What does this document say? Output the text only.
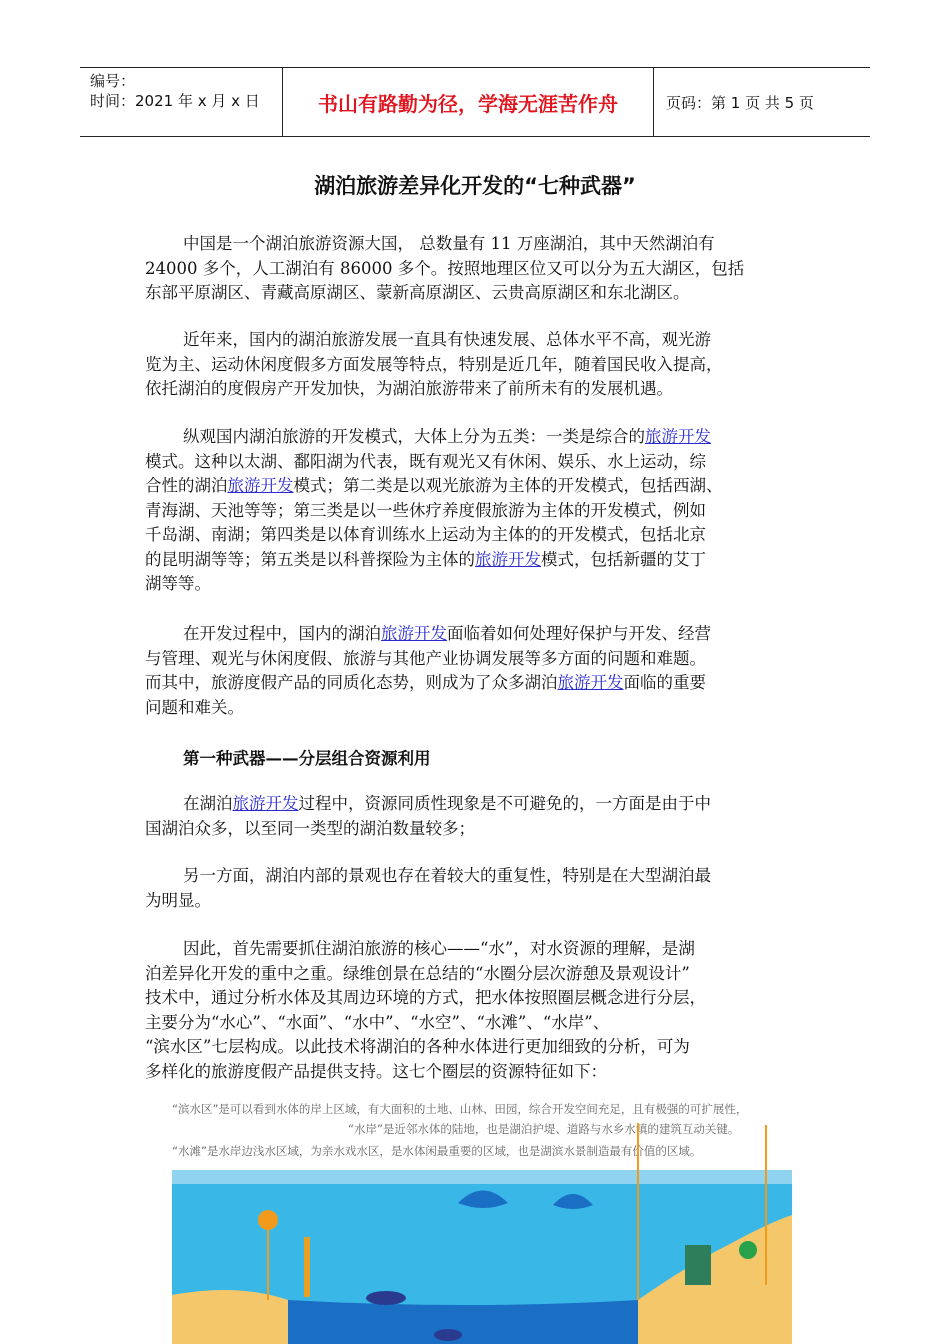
编号：
时间：2021 年 x 月 x 日	书山有路勤为径，学海无涯苦作舟	页码：第 1 页 共 5 页
湖泊旅游差异化开发的“七种武器”
中国是一个湖泊旅游资源大国， 总数量有 11 万座湖泊，其中天然湖泊有
24000 多个，人工湖泊有 86000 多个。按照地理区位又可以分为五大湖区，包括
东部平原湖区、青藏高原湖区、蒙新高原湖区、云贵高原湖区和东北湖区。
近年来，国内的湖泊旅游发展一直具有快速发展、总体水平不高，观光游
览为主、运动休闲度假多方面发展等特点，特别是近几年，随着国民收入提高，
依托湖泊的度假房产开发加快，为湖泊旅游带来了前所未有的发展机遇。
纵观国内湖泊旅游的开发模式，大体上分为五类：一类是综合的旅游开发
模式。这种以太湖、鄱阳湖为代表，既有观光又有休闲、娱乐、水上运动，综
合性的湖泊旅游开发模式；第二类是以观光旅游为主体的开发模式，包括西湖、
青海湖、天池等等；第三类是以一些休疗养度假旅游为主体的开发模式，例如
千岛湖、南湖；第四类是以体育训练水上运动为主体的的开发模式，包括北京
的昆明湖等等；第五类是以科普探险为主体的旅游开发模式，包括新疆的艾丁
湖等等。
在开发过程中，国内的湖泊旅游开发面临着如何处理好保护与开发、经营
与管理、观光与休闲度假、旅游与其他产业协调发展等多方面的问题和难题。
而其中，旅游度假产品的同质化态势，则成为了众多湖泊旅游开发面临的重要
问题和难关。
第一种武器——分层组合资源利用
在湖泊旅游开发过程中，资源同质性现象是不可避免的，一方面是由于中
国湖泊众多，以至同一类型的湖泊数量较多；
另一方面，湖泊内部的景观也存在着较大的重复性，特别是在大型湖泊最
为明显。
因此，首先需要抓住湖泊旅游的核心——“水”，对水资源的理解，是湖
泊差异化开发的重中之重。绿维创景在总结的“水圈分层次游憩及景观设计”
技术中，通过分析水体及其周边环境的方式，把水体按照圈层概念进行分层，
主要分为“水心”、“水面”、“水中”、“水空”、“水滩”、“水岸”、
“滨水区”七层构成。以此技术将湖泊的各种水体进行更加细致的分析，可为
多样化的旅游度假产品提供支持。这七个圈层的资源特征如下：
“滨水区”是可以看到水体的岸上区域，有大面积的土地、山林、田园，综合开发空间充足，且有极强的可扩展性，
“水岸”是近邻水体的陆地，也是湖泊护堤、道路与水乡水镇的建筑互动关键。
“水滩”是水岸边浅水区域，为亲水戏水区，是水体闲最重要的区域，也是湖滨水景制造最有价值的区域。
